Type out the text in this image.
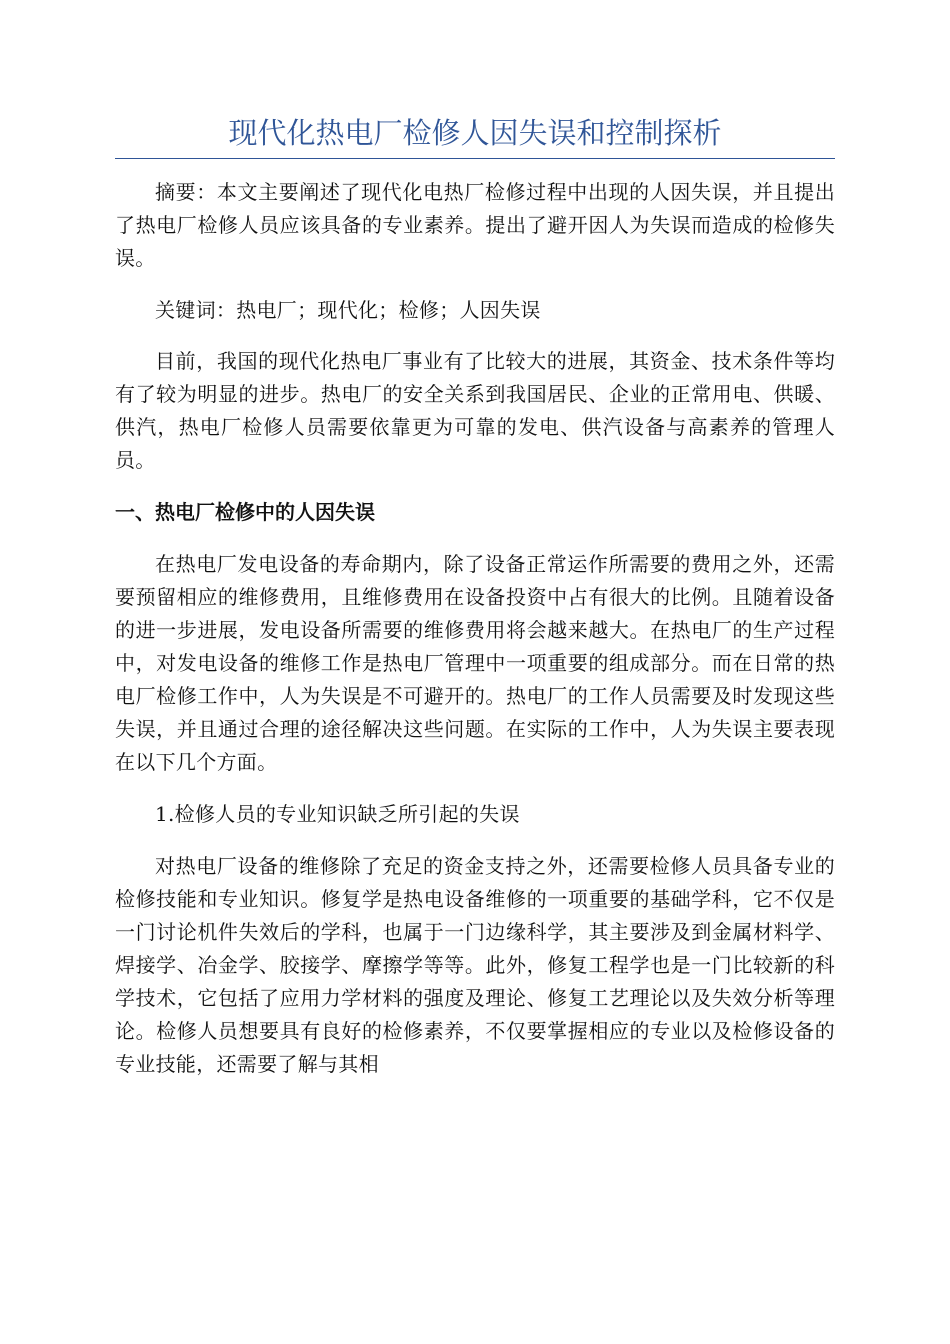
现代化热电厂检修人因失误和控制探析

摘要：本文主要阐述了现代化电热厂检修过程中出现的人因失误，并且提出了热电厂检修人员应该具备的专业素养。提出了避开因人为失误而造成的检修失误。

关键词：热电厂；现代化；检修；人因失误

目前，我国的现代化热电厂事业有了比较大的进展，其资金、技术条件等均有了较为明显的进步。热电厂的安全关系到我国居民、企业的正常用电、供暖、供汽，热电厂检修人员需要依靠更为可靠的发电、供汽设备与高素养的管理人员。

一、热电厂检修中的人因失误

在热电厂发电设备的寿命期内，除了设备正常运作所需要的费用之外，还需要预留相应的维修费用，且维修费用在设备投资中占有很大的比例。且随着设备的进一步进展，发电设备所需要的维修费用将会越来越大。在热电厂的生产过程中，对发电设备的维修工作是热电厂管理中一项重要的组成部分。而在日常的热电厂检修工作中，人为失误是不可避开的。热电厂的工作人员需要及时发现这些失误，并且通过合理的途径解决这些问题。在实际的工作中，人为失误主要表现在以下几个方面。

1.检修人员的专业知识缺乏所引起的失误

对热电厂设备的维修除了充足的资金支持之外，还需要检修人员具备专业的检修技能和专业知识。修复学是热电设备维修的一项重要的基础学科，它不仅是一门讨论机件失效后的学科，也属于一门边缘科学，其主要涉及到金属材料学、焊接学、冶金学、胶接学、摩擦学等等。此外，修复工程学也是一门比较新的科学技术，它包括了应用力学材料的强度及理论、修复工艺理论以及失效分析等理论。检修人员想要具有良好的检修素养，不仅要掌握相应的专业以及检修设备的专业技能，还需要了解与其相
